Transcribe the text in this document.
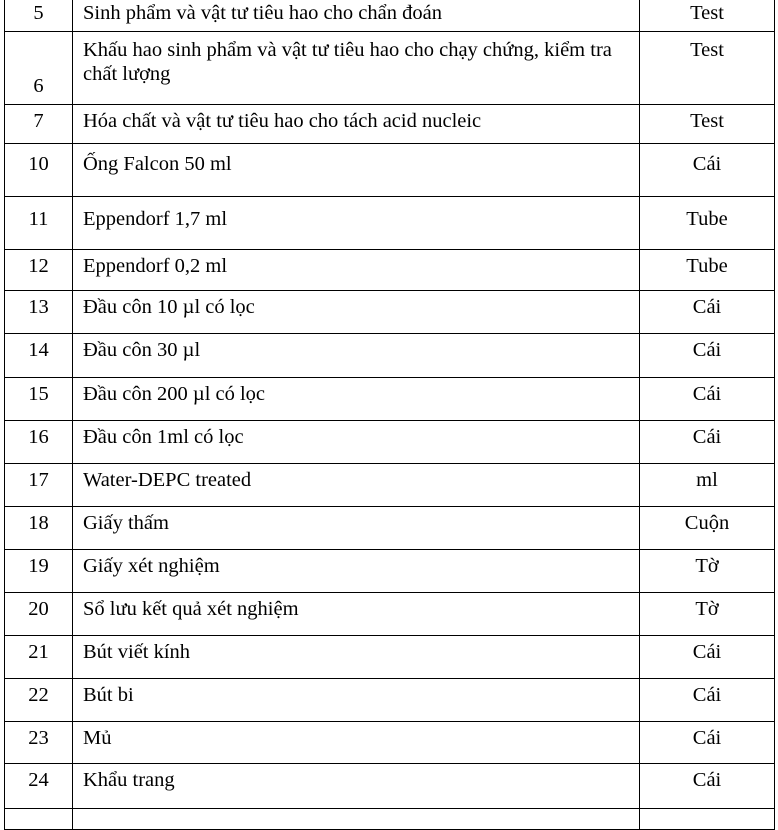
5	Sinh phẩm và vật tư tiêu hao cho chẩn đoán	Test
6	Khấu hao sinh phẩm và vật tư tiêu hao cho chạy chứng, kiểm tra chất lượng	Test
7	Hóa chất và vật tư tiêu hao cho tách acid nucleic	Test
10	Ống Falcon 50 ml	Cái
11	Eppendorf 1,7 ml	Tube
12	Eppendorf 0,2 ml	Tube
13	Đầu côn 10 µl có lọc	Cái
14	Đầu côn 30 µl	Cái
15	Đầu côn 200 µl có lọc	Cái
16	Đầu côn 1ml có lọc	Cái
17	Water-DEPC treated	ml
18	Giấy thấm	Cuộn
19	Giấy xét nghiệm	Tờ
20	Sổ lưu kết quả xét nghiệm	Tờ
21	Bút viết kính	Cái
22	Bút bi	Cái
23	Mủ	Cái
24	Khẩu trang	Cái
